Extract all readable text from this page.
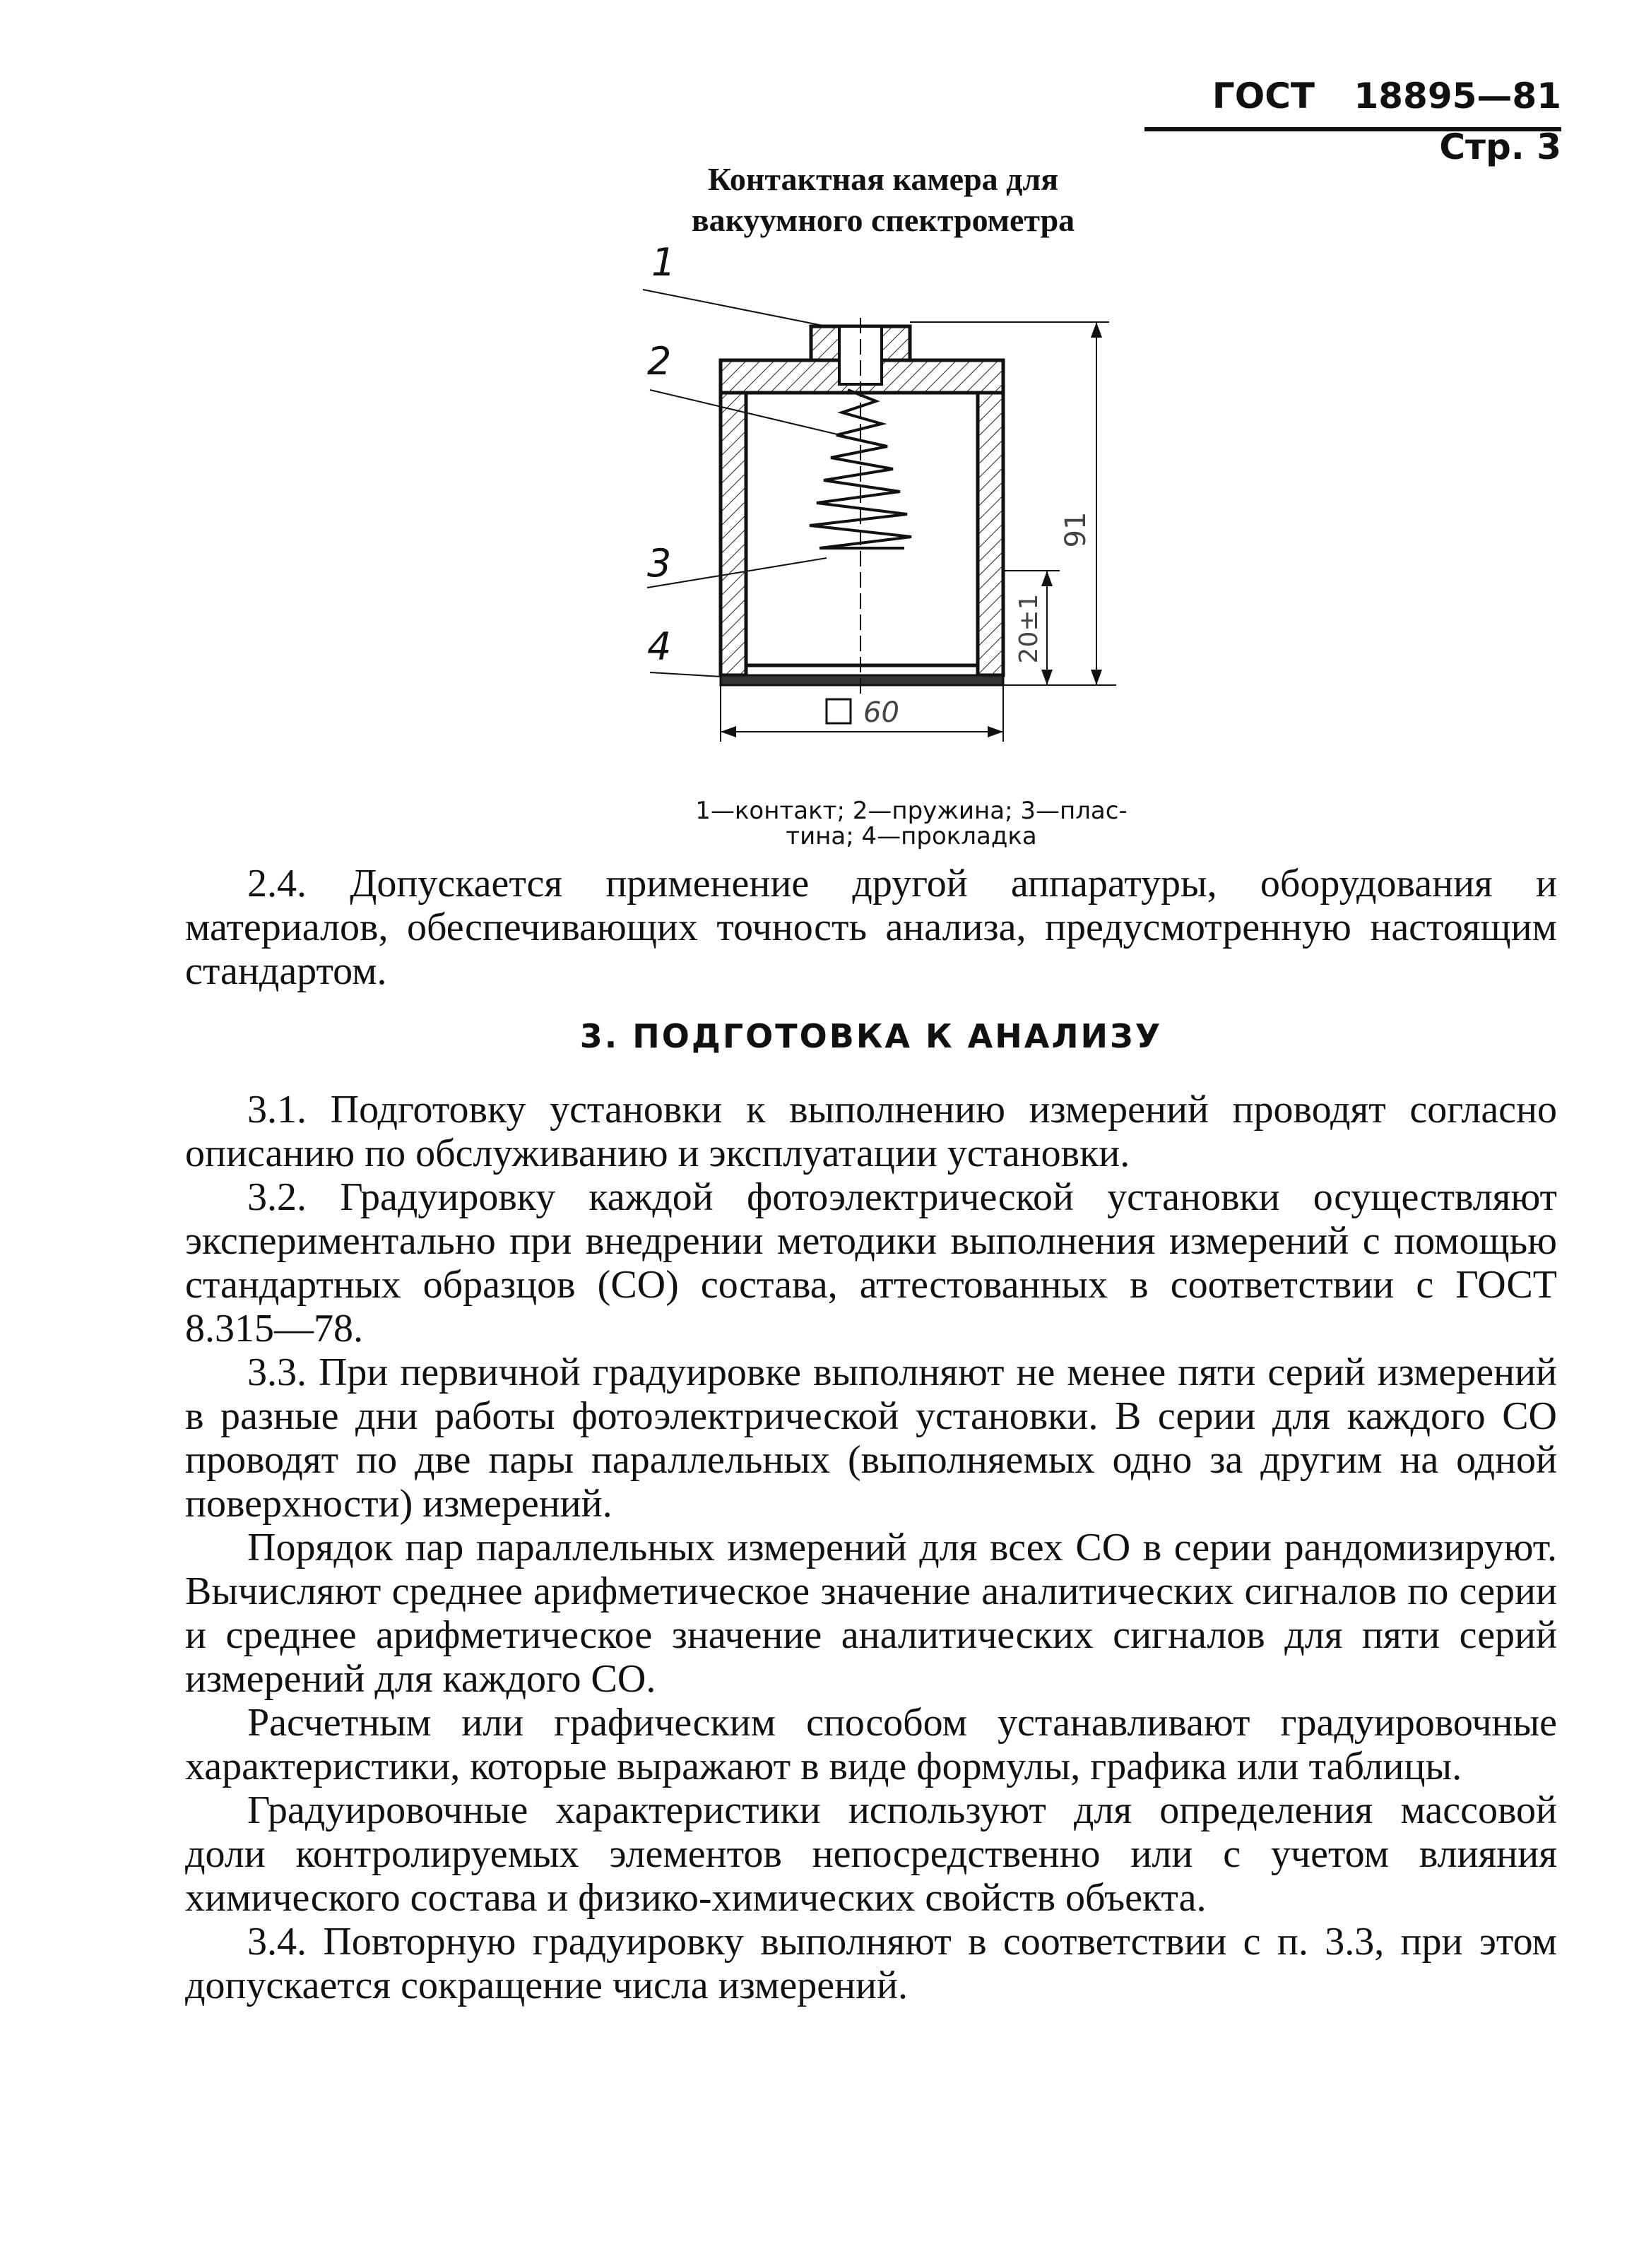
ГОСТ 18895—81 Стр. 3
Контактная камера для
вакуумного спектрометра
1
2
3
4
91
20±1
60
1—контакт; 2—пружина; 3—плас-
тина; 4—прокладка

2.4. Допускается применение другой аппаратуры, оборудования и материалов, обеспечивающих точность анализа, предусмотренную настоящим стандартом.

3. ПОДГОТОВКА К АНАЛИЗУ

3.1. Подготовку установки к выполнению измерений проводят согласно описанию по обслуживанию и эксплуатации установки.

3.2. Градуировку каждой фотоэлектрической установки осуществляют экспериментально при внедрении методики выполнения измерений с помощью стандартных образцов (СО) состава, аттестованных в соответствии с ГОСТ 8.315—78.

3.3. При первичной градуировке выполняют не менее пяти серий измерений в разные дни работы фотоэлектрической установки. В серии для каждого СО проводят по две пары параллельных (выполняемых одно за другим на одной поверхности) измерений.

Порядок пар параллельных измерений для всех СО в серии рандомизируют. Вычисляют среднее арифметическое значение аналитических сигналов по серии и среднее арифметическое значение аналитических сигналов для пяти серий измерений для каждого СО.

Расчетным или графическим способом устанавливают градуировочные характеристики, которые выражают в виде формулы, графика или таблицы.

Градуировочные характеристики используют для определения массовой доли контролируемых элементов непосредственно или с учетом влияния химического состава и физико-химических свойств объекта.

3.4. Повторную градуировку выполняют в соответствии с п. 3.3, при этом допускается сокращение числа измерений.
